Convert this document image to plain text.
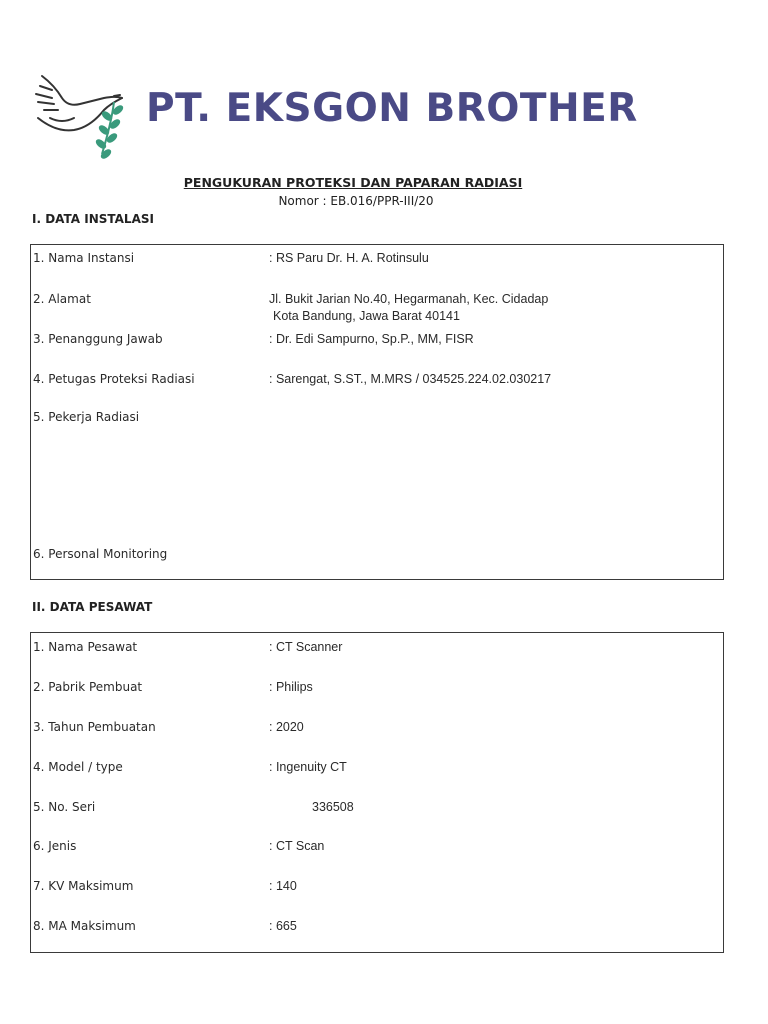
PT. EKSGON BROTHER
PENGUKURAN PROTEKSI DAN PAPARAN RADIASI
Nomor : EB.016/PPR-III/20
I. DATA INSTALASI
1. Nama Instansi	: RS Paru Dr. H. A. Rotinsulu
2. Alamat	Jl. Bukit Jarian No.40, Hegarmanah, Kec. Cidadap
Kota Bandung, Jawa Barat 40141
3. Penanggung Jawab	: Dr. Edi Sampurno, Sp.P., MM, FISR
4. Petugas Proteksi Radiasi	: Sarengat, S.ST., M.MRS / 034525.224.02.030217
5. Pekerja Radiasi
6. Personal Monitoring
II. DATA PESAWAT
1. Nama Pesawat	: CT Scanner
2. Pabrik Pembuat	: Philips
3. Tahun Pembuatan	: 2020
4. Model / type	: Ingenuity CT
5. No. Seri	336508
6. Jenis	: CT Scan
7. KV Maksimum	: 140
8. MA Maksimum	: 665
